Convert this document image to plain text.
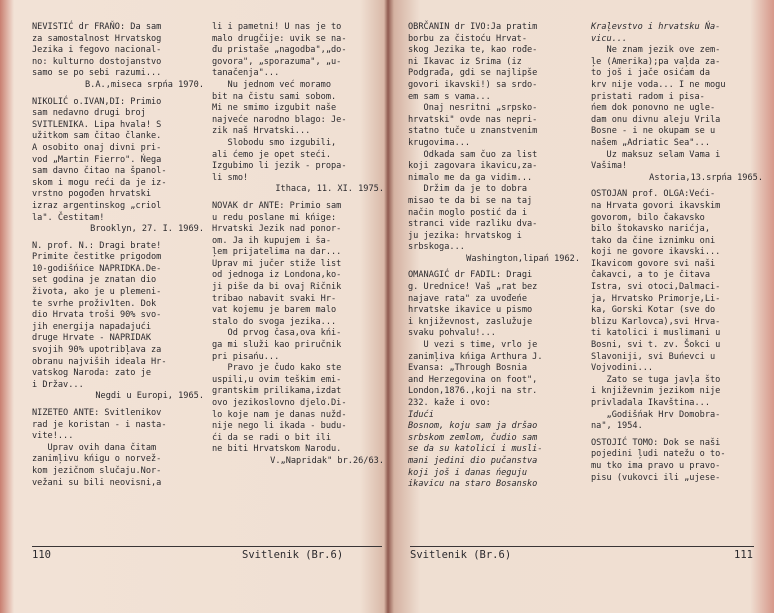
NEVISTIĆ dr FRAŇO: Da sam

za samostalnost Hrvatskog

Jezika i fegovo nacional-

no: kulturno dostojanstvo

samo se po sebi razumi...

B.A.,miseca srpńa 1970.

NIKOLIĆ o.IVAN,DI: Primio

sam nedavno drugi broj

SVITLENIKA. Lipa hvala! S

užitkom sam čitao članke.

A osobito onaj divni pri-

vod „Martin Fierro". Ńega

sam davno čitao na španol-

skom i mogu reći da je iz-

vrstno pogođen hrvatski

izraz argentinskog „criol

la". Čestitam!

Brooklyn, 27. I. 1969.

N. prof. N.: Dragi brate!

Primite čestitke prigodom

10-godišńice NAPRIDKA.De-

set godina je znatan dio

života, ako je u plemeni-

te svrhe proživ1ten. Dok

dio Hrvata troši 90% svo-

jih energija napadajući

druge Hrvate - NAPRIDAK

svojih 90% upotribļava za

obranu najviših ideala Hr-

vatskog Naroda: zato je

i Držav...

Negdi u Europi, 1965.

NIZETEO ANTE: Svitlenikov

rad je koristan - i nasta-

vite!...

Uprav ovih dana čitam

zanimļivu kńigu o norvež-

kom jezičnom slučaju.Nor-

vežani su bili neovisni,a

li i pametni! U nas je to

malo drugčije: uvik se na-

đu pristaše „nagodba",„do-

govora", „sporazuma", „u-

tanačenja"...

Nu jednom već moramo

bit na čistu sami sobom.

Mi ne smimo izgubit naše

najveće narodno blago: Je-

zik naš Hrvatski...

Slobodu smo izgubili,

ali ćemo je opet steći.

Izgubimo li jezik - propa-

li smo!

Ithaca, 11. XI. 1975.

NOVAK dr ANTE: Primio sam

u redu poslane mi kńige:

Hrvatski Jezik nad ponor-

om. Ja ih kupujem i ša-

ļem prijatelima na dar...

Uprav mi jučer stiže list

od jednoga iz Londona,ko-

ji piše da bi ovaj Ričnik

tribao nabavit svaki Hr-

vat kojemu je barem malo

stalo do svoga jezika...

Od prvog časa,ova kńi-

ga mi služi kao priručnik

pri pisańu...

Pravo je čudo kako ste

uspili,u ovim teškim emi-

grantskim prilikama,izdat

ovo jezikoslovno djelo.Di-

lo koje nam je danas nužd-

nije nego li ikada - budu-

ći da se radi o bit ili

ne biti Hrvatskom Narodu.

V.„Napridak" br.26/63.

110	Svitlenik (Br.6)

OBRČANIN dr IVO:Ja pratim

borbu za čistoću Hrvat-

skog Jezika te, kao rođe-

ni Ikavac iz Srima (iz

Podgrađa, gdi se najlipše

govori ikavski!) sa srdo-

em sam s vama...

Onaj nesritni „srpsko-

hrvatski" ovde nas nepri-

statno tuče u znanstvenim

krugovima...

Odkada sam čuo za list

koji zagovara ikavicu,za-

nimalo me da ga vidim...

Držim da je to dobra

misao te da bi se na taj

način moglo postić da i

stranci vide razliku dva-

ju jezika: hrvatskog i

srbskoga...

Washington,lipań 1962.

OMANAGIĆ dr FADIL: Dragi

g. Urednice! Vaš „rat bez

najave rata" za uvođeńe

hrvatske ikavice u pismo

i književnost, zaslužuje

svaku pohvalu!...

U vezi s time, vrlo je

zanimļiva kńiga Arthura J.

Evansa: „Through Bosnia

and Herzegovina on foot",

London,1876.,koji na str.

232. kaže i ovo:

Idući

Bosnom, koju sam ja dršao

srbskom zemlom, čudio sam

se da su katolici i musli-

mani jedini dio pučanstva

koji još i danas ńeguju

ikavicu na staro Bosansko

Kraļevstvo i hrvatsku Ńa-

vicu...

Ne znam jezik ove zem-

ļe (Amerika);pa vaļda za-

to još i jače osićam da

krv nije voda... I ne mogu

pristati radom i pisa-

ńem dok ponovno ne ugle-

dam onu divnu aleju Vrila

Bosne - i ne okupam se u

našem „Adriatic Sea"...

Uz maksuz selam Vama i

Vašima!

Astoria,13.srpńa 1965.

OSTOJAN prof. OLGA:Veći-

na Hrvata govori ikavskim

govorom, bilo čakavsko

bilo štokavsko narićja,

tako da čine iznimku oni

koji ne govore ikavski...

Ikavicom govore svi naši

čakavci, a to je čitava

Istra, svi otoci,Dalmaci-

ja, Hrvatsko Primorje,Li-

ka, Gorski Kotar (sve do

blizu Karlovca),svi Hrva-

ti katolici i muslimani u

Bosni, svi t. zv. Šokci u

Slavoniji, svi Buńevci u

Vojvodini...

Zato se tuga javļa što

i književnim jezikom nije

privladala Ikavština...

„Godišńak Hrv Domobra-

na", 1954.

OSTOJIĆ TOMO: Dok se naši

pojedini ļudi natežu o to-

mu tko ima pravo u pravo-

pisu (vukovci ili „ujese-

Svitlenik (Br.6)	111
